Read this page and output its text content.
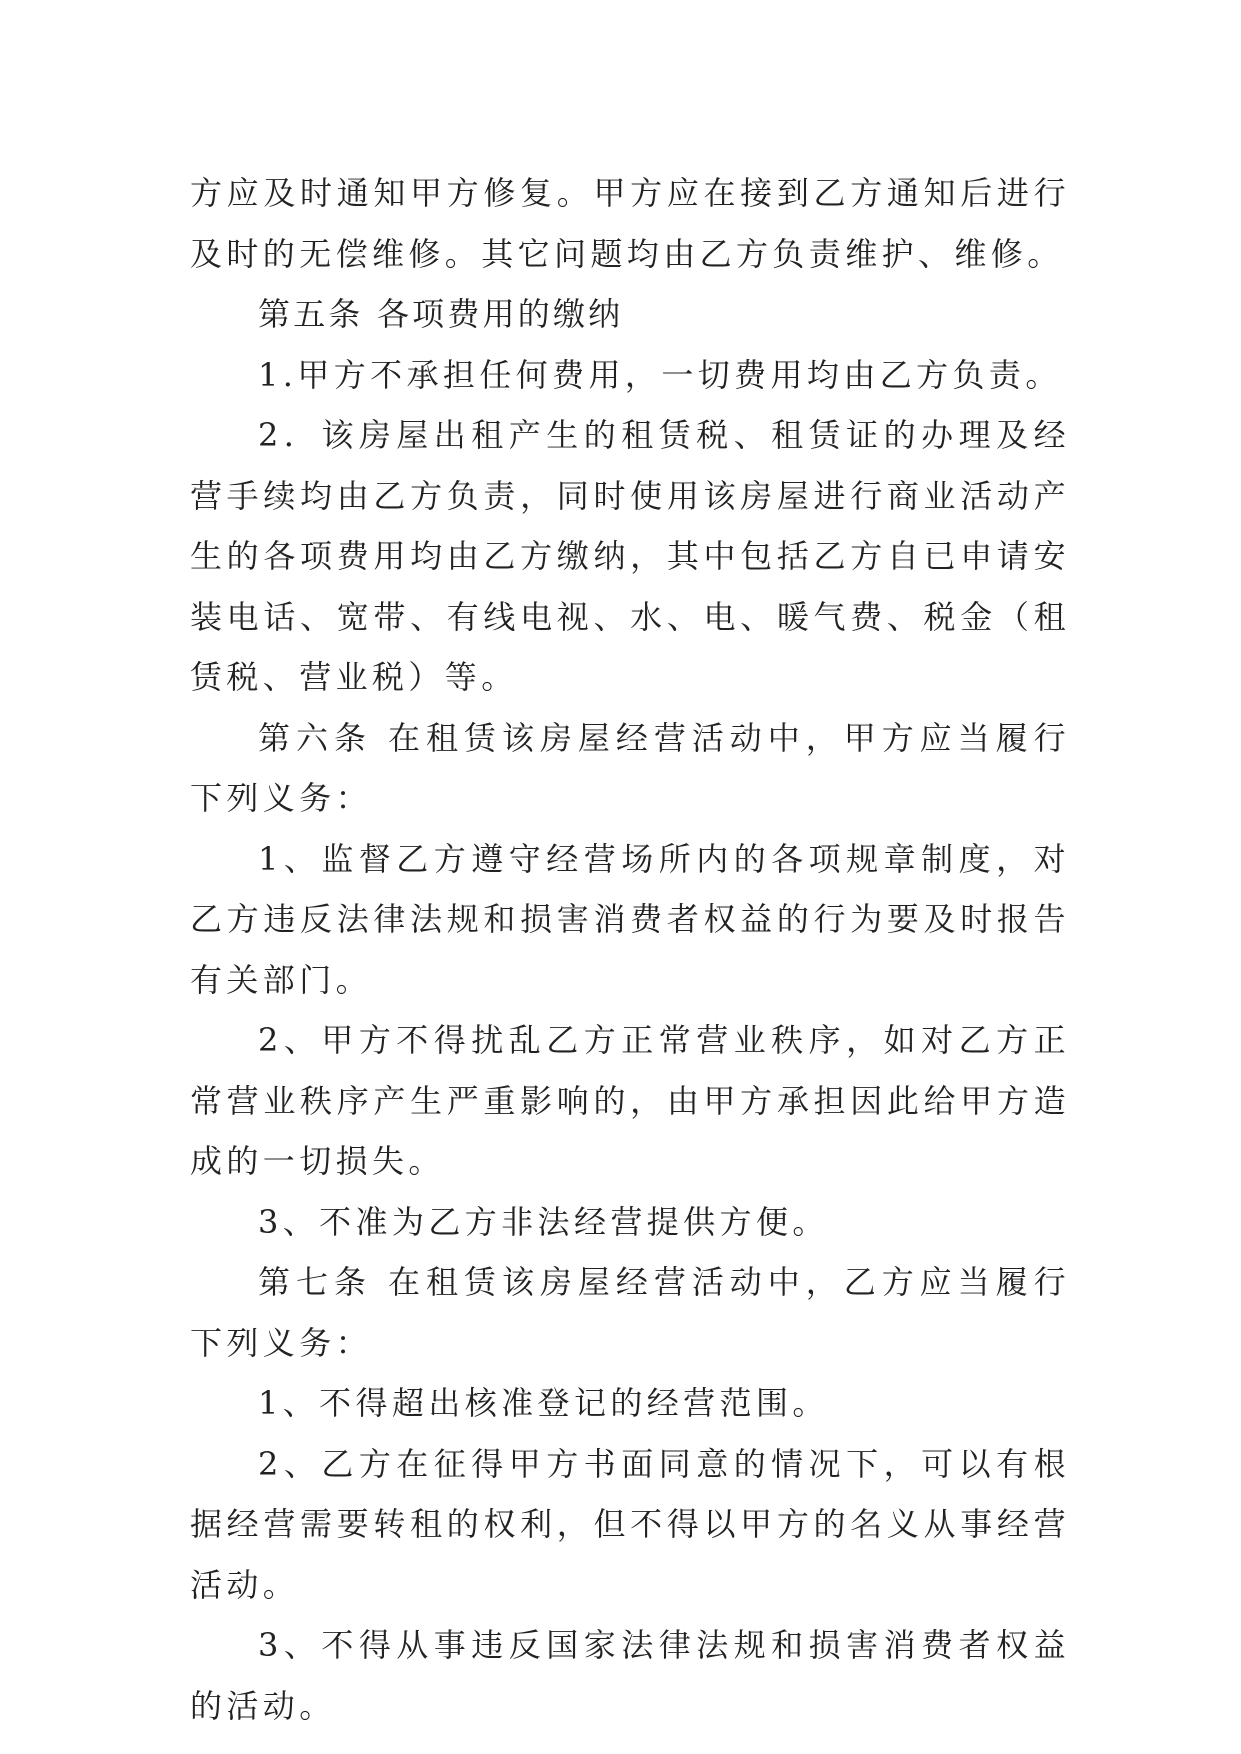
方应及时通知甲方修复。甲方应在接到乙方通知后进行及时的无偿维修。其它问题均由乙方负责维护、维修。

第五条 各项费用的缴纳

1.甲方不承担任何费用，一切费用均由乙方负责。

2．该房屋出租产生的租赁税、租赁证的办理及经营手续均由乙方负责，同时使用该房屋进行商业活动产生的各项费用均由乙方缴纳，其中包括乙方自已申请安装电话、宽带、有线电视、水、电、暖气费、税金（租赁税、营业税）等。

第六条 在租赁该房屋经营活动中，甲方应当履行下列义务：

1、监督乙方遵守经营场所内的各项规章制度，对乙方违反法律法规和损害消费者权益的行为要及时报告有关部门。

2、甲方不得扰乱乙方正常营业秩序，如对乙方正常营业秩序产生严重影响的，由甲方承担因此给甲方造成的一切损失。

3、不准为乙方非法经营提供方便。

第七条 在租赁该房屋经营活动中，乙方应当履行下列义务：

1、不得超出核准登记的经营范围。

2、乙方在征得甲方书面同意的情况下，可以有根据经营需要转租的权利，但不得以甲方的名义从事经营活动。

3、不得从事违反国家法律法规和损害消费者权益的活动。
